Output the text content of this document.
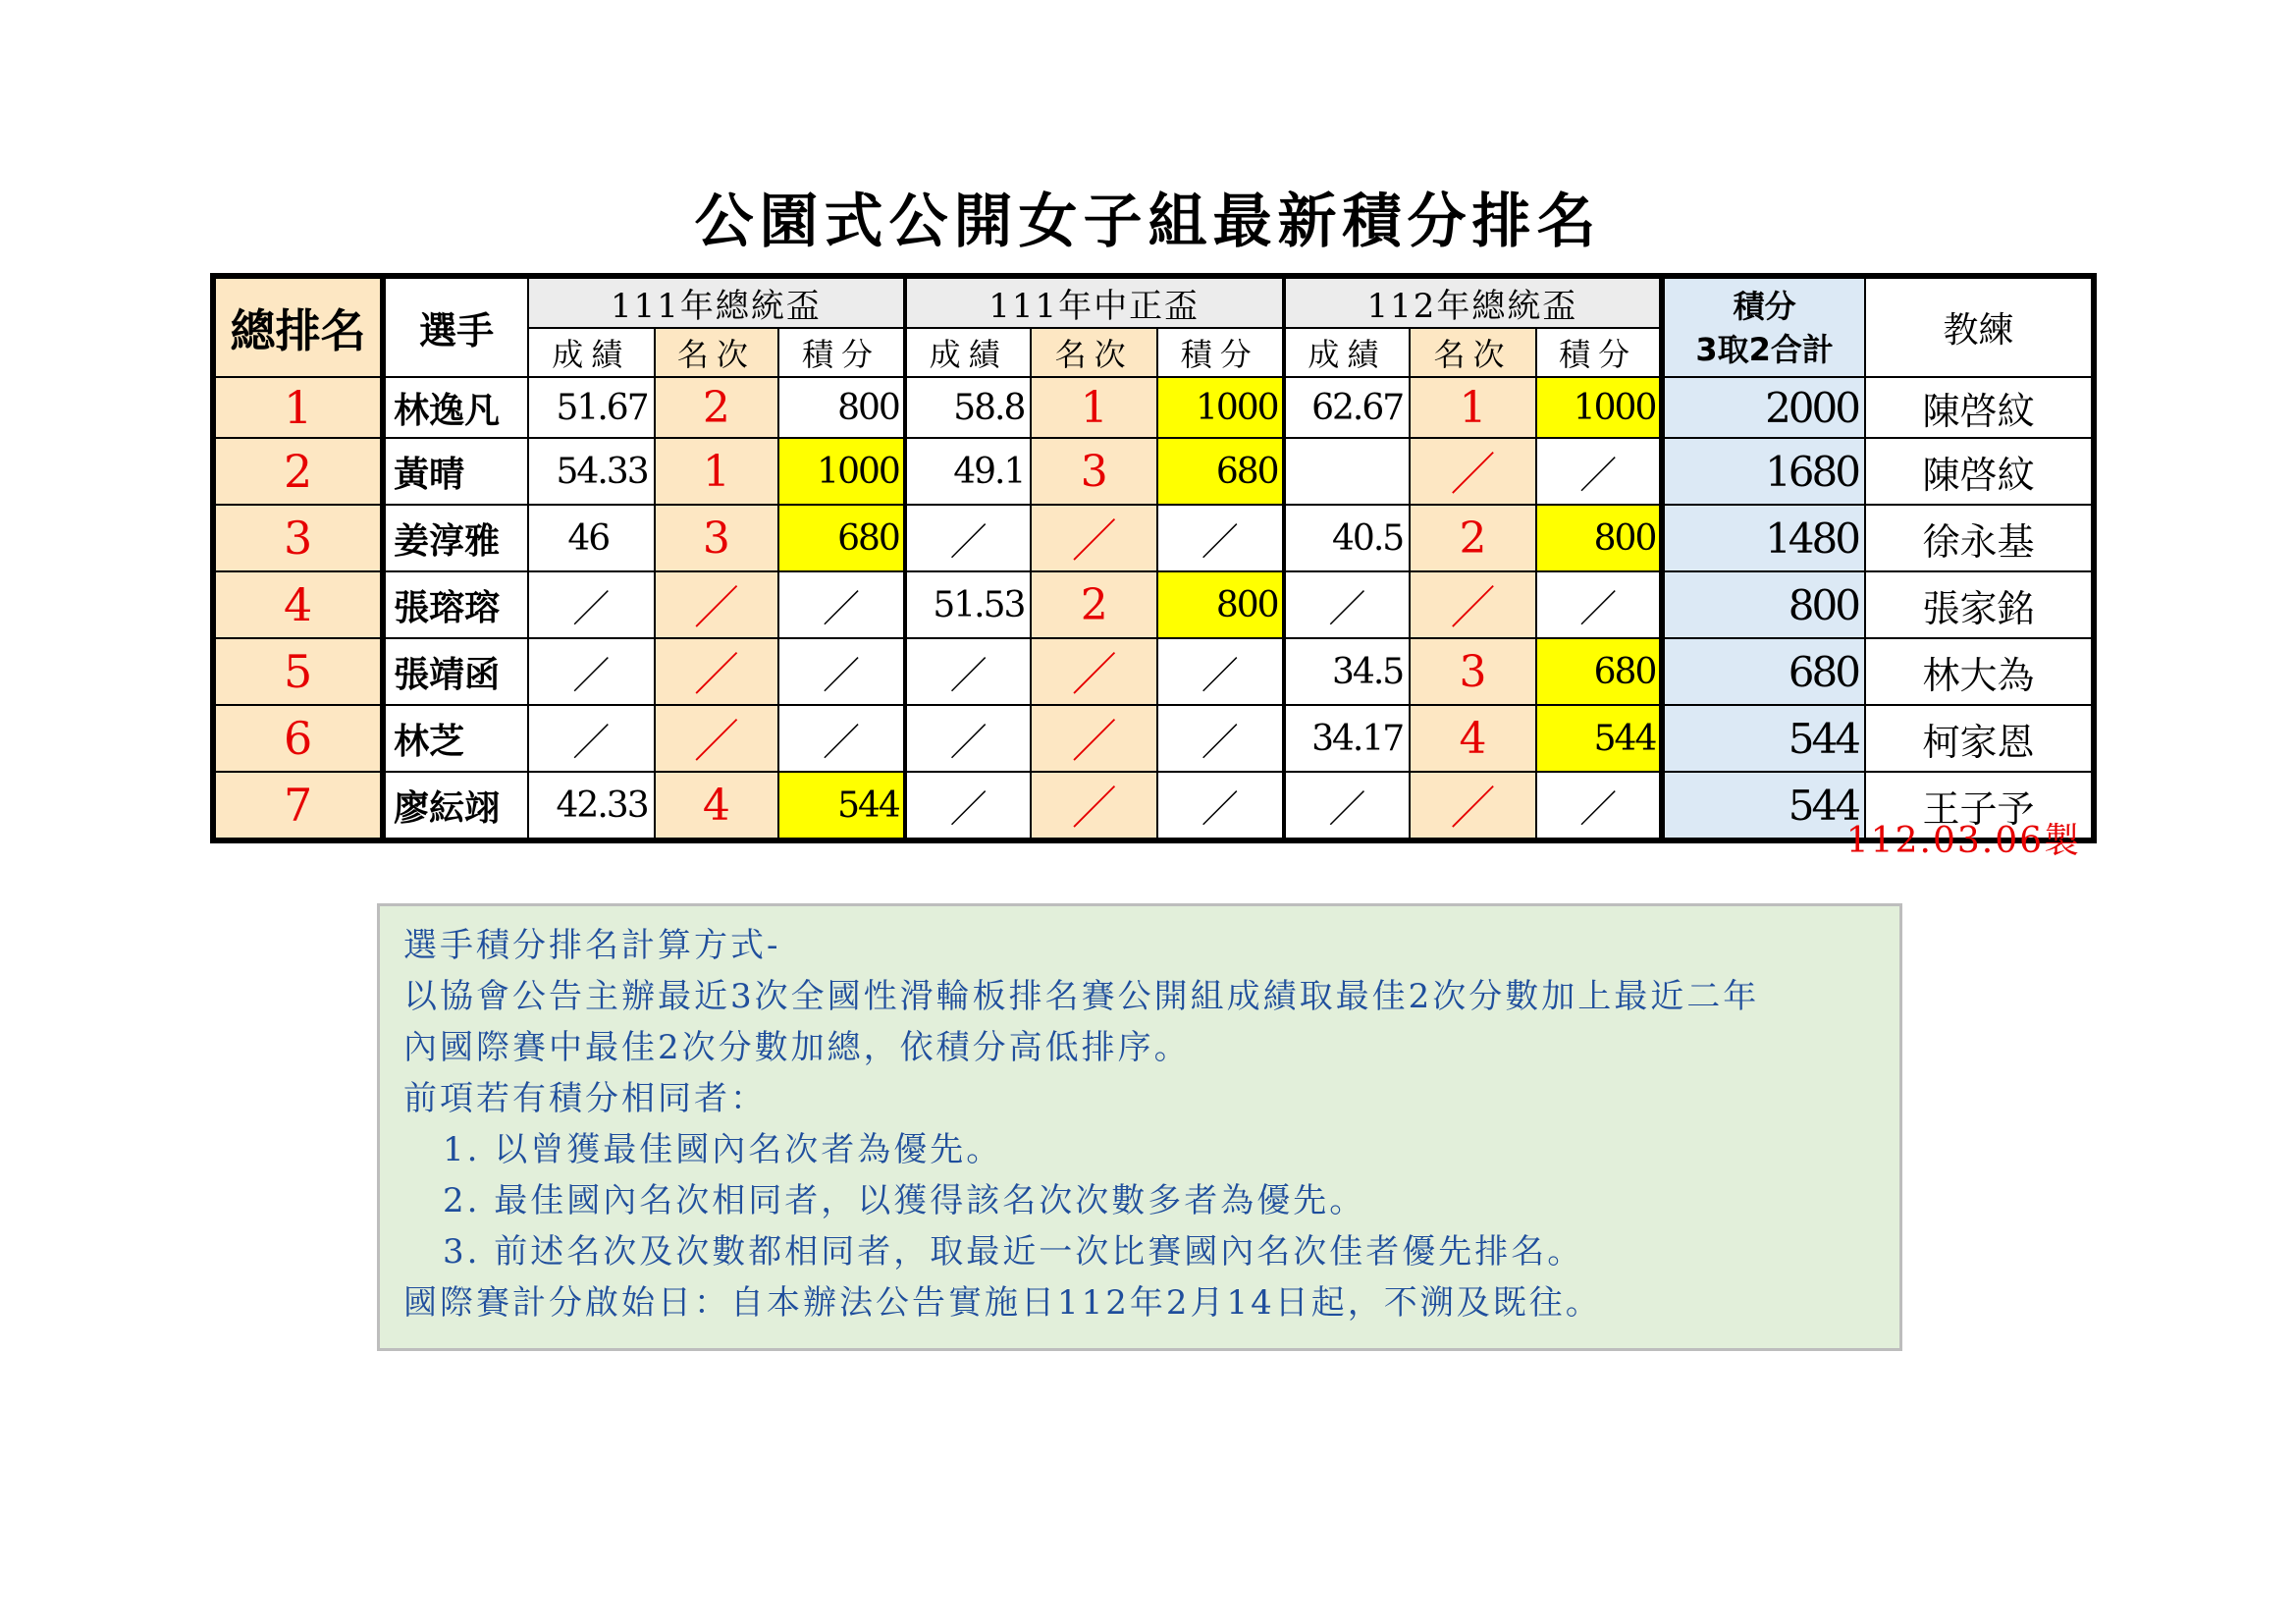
公園式公開女子組最新積分排名
總排名	選手	111年總統盃			111年中正盃			112年總統盃			積分
3取2合計	教練
		成績	名次	積分	成績	名次	積分	成績	名次	積分		
1	林逸凡	51.67	2	800	58.8	1	1000	62.67	1	1000	2000	陳啓紋
2	黃晴	54.33	1	1000	49.1	3	680		／	／	1680	陳啓紋
3	姜淳雅	46	3	680	／	／	／	40.5	2	800	1480	徐永基
4	張瑢瑢	／	／	／	51.53	2	800	／	／	／	800	張家銘
5	張靖函	／	／	／	／	／	／	34.5	3	680	680	林大為
6	林芝	／	／	／	／	／	／	34.17	4	544	544	柯家恩
7	廖紜翊	42.33	4	544	／	／	／	／	／	／	544	王子予
112.03.06製
選手積分排名計算方式-
以協會公告主辦最近3次全國性滑輪板排名賽公開組成績取最佳2次分數加上最近二年
內國際賽中最佳2次分數加總，依積分高低排序。
前項若有積分相同者：
1. 以曾獲最佳國內名次者為優先。
2. 最佳國內名次相同者，以獲得該名次次數多者為優先。
3. 前述名次及次數都相同者，取最近一次比賽國內名次佳者優先排名。
國際賽計分啟始日：自本辦法公告實施日112年2月14日起，不溯及既往。
